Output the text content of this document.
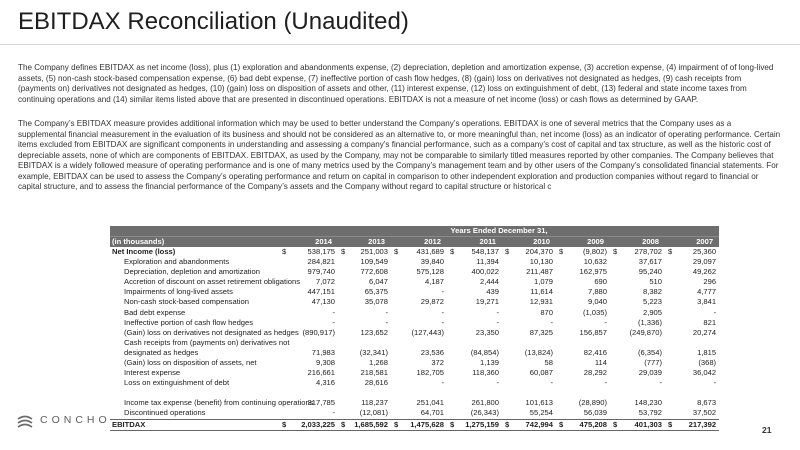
EBITDAX Reconciliation (Unaudited)

The Company defines EBITDAX as net income (loss), plus (1) exploration and abandonments expense, (2) depreciation, depletion and amortization expense, (3) accretion expense, (4) impairment of of long-lived assets, (5) non-cash stock-based compensation expense, (6) bad debt expense, (7) ineffective portion of cash flow hedges, (8) (gain) loss on derivatives not designated as hedges, (9) cash receipts from (payments on) derivatives not designated as hedges, (10) (gain) loss on disposition of assets and other, (11) interest expense, (12) loss on extinguishment of debt, (13) federal and state income taxes from continuing operations and (14) similar items listed above that are presented in discontinued operations. EBITDAX is not a measure of net income (loss) or cash flows as determined by GAAP.

The Company’s EBITDAX measure provides additional information which may be used to better understand the Company’s operations. EBITDAX is one of several metrics that the Company uses as a supplemental financial measurement in the evaluation of its business and should not be considered as an alternative to, or more meaningful than, net income (loss) as an indicator of operating performance. Certain items excluded from EBITDAX are significant components in understanding and assessing a company’s financial performance, such as a company’s cost of capital and tax structure, as well as the historic cost of depreciable assets, none of which are components of EBITDAX. EBITDAX, as used by the Company, may not be comparable to similarly titled measures reported by other companies. The Company believes that EBITDAX is a widely followed measure of operating performance and is one of many metrics used by the Company’s management team and by other users of the Company’s consolidated financial statements. For example, EBITDAX can be used to assess the Company’s operating performance and return on capital in comparison to other independent exploration and production companies without regard to financial or capital structure, and to assess the financial performance of the Company’s assets and the Company without regard to capital structure or historical c

	Years Ended December 31,							
(in thousands)	2014	2013	2012	2011	2010	2009	2008	2007
Net Income (loss)	$ 538,175	$ 251,003	$ 431,689	$ 548,137	$ 204,370	$ (9,802)	$ 278,702	$ 25,360
Exploration and abandonments	284,821	109,549	39,840	11,394	10,130	10,632	37,617	29,097
Depreciation, depletion and amortization	979,740	772,608	575,128	400,022	211,487	162,975	95,240	49,262
Accretion of discount on asset retirement obligations	7,072	6,047	4,187	2,444	1,079	690	510	296
Impairments of long-lived assets	447,151	65,375	-	439	11,614	7,880	8,382	4,777
Non-cash stock-based compensation	47,130	35,078	29,872	19,271	12,931	9,040	5,223	3,841
Bad debt expense	-	-	-	-	870	(1,035)	2,905	-
Ineffective portion of cash flow hedges	-	-	-	-	-	-	(1,336)	821
(Gain) loss on derivatives not designated as hedges	(890,917)	123,652	(127,443)	23,350	87,325	156,857	(249,870)	20,274
Cash receipts from (payments on) derivatives not								
designated as hedges	71,983	(32,341)	23,536	(84,854)	(13,824)	82,416	(6,354)	1,815
(Gain) loss on disposition of assets, net	9,308	1,268	372	1,139	58	114	(777)	(368)
Interest expense	216,661	218,581	182,705	118,360	60,087	28,292	29,039	36,042
Loss on extinguishment of debt	4,316	28,616	-	-	-	-	-	-

Income tax expense (benefit) from continuing operations	317,785	118,237	251,041	261,800	101,613	(28,890)	148,230	8,673
Discontinued operations	-	(12,081)	64,701	(26,343)	55,254	56,039	53,792	37,502
EBITDAX	$ 2,033,225	$ 1,685,592	$ 1,475,628	$ 1,275,159	$ 742,994	$ 475,208	$ 401,303	$ 217,392
CONCHO
21
